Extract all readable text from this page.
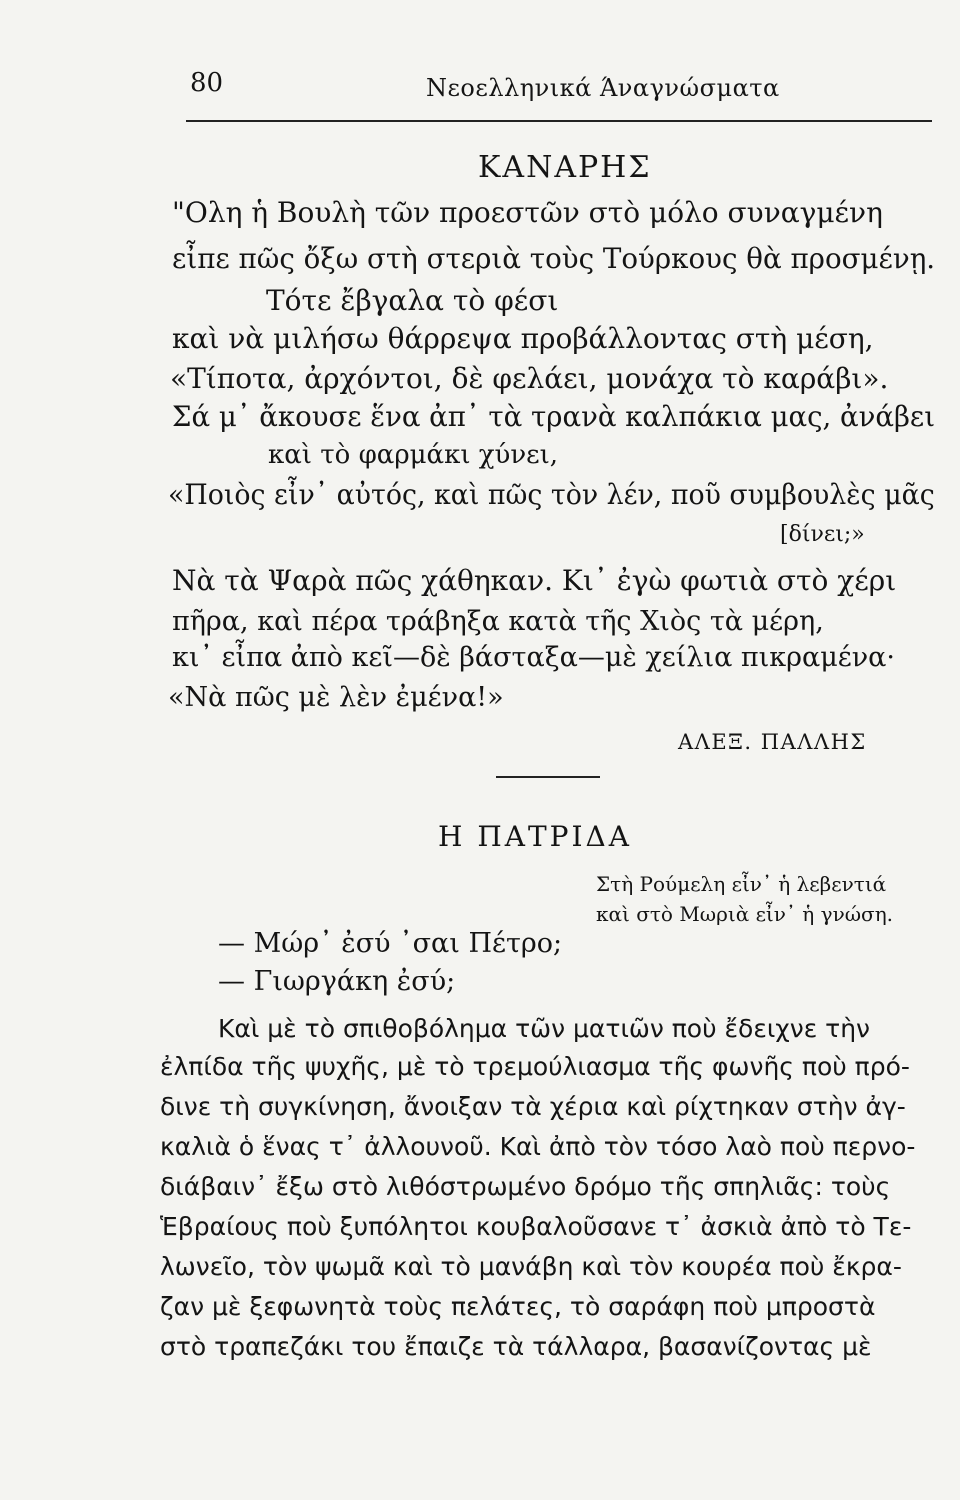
80	Νεοελληνικά Άναγνώσματα
ΚΑΝΑΡΗΣ
"Ολη ἡ Βουλὴ τῶν προεστῶν στὸ μόλο συναγμένη
εἶπε πῶς ὄξω στὴ στεριὰ τοὺς Τούρκους θὰ προσμένῃ.
Τότε ἔβγαλα τὸ φέσι
καὶ νὰ μιλήσω θάρρεψα προβάλλοντας στὴ μέση,
«Τίποτα, ἀρχόντοι, δὲ φελάει, μονάχα τὸ καράβι».
Σά μ᾽ ἄκουσε ἕνα ἀπ᾽ τὰ τρανὰ καλπάκια μας, ἀνάβει
καὶ τὸ φαρμάκι χύνει,
«Ποιὸς εἶν᾽ αὐτός, καὶ πῶς τὸν λέν, ποῦ συμβουλὲς μᾶς
[δίνει;»
Νὰ τὰ Ψαρὰ πῶς χάθηκαν. Κι᾽ ἐγὼ φωτιὰ στὸ χέρι
πῆρα, καὶ πέρα τράβηξα κατὰ τῆς Χιὸς τὰ μέρη,
κι᾽ εἶπα ἀπὸ κεῖ—δὲ βάσταξα—μὲ χείλια πικραμένα·
«Νὰ πῶς μὲ λὲν ἐμένα!»
ΑΛΕΞ. ΠΑΛΛΗΣ
Η ΠΑΤΡΙΔΑ
Στὴ Ρούμελη εἶν᾽ ἡ λεβεντιά
καὶ στὸ Μωριὰ εἶν᾽ ἡ γνώση.
— Μώρ᾽ ἐσύ ᾽σαι Πέτρο;
— Γιωργάκη ἐσύ;
Καὶ μὲ τὸ σπιθοβόλημα τῶν ματιῶν ποὺ ἔδειχνε τὴν
ἐλπίδα τῆς ψυχῆς, μὲ τὸ τρεμούλιασμα τῆς φωνῆς ποὺ πρό-
δινε τὴ συγκίνηση, ἄνοιξαν τὰ χέρια καὶ ρίχτηκαν στὴν ἀγ-
καλιὰ ὁ ἕνας τ᾽ ἀλλουνοῦ. Καὶ ἀπὸ τὸν τόσο λαὸ ποὺ περνο-
διάβαιν᾽ ἔξω στὸ λιθόστρωμένο δρόμο τῆς σπηλιᾶς: τοὺς
Ἑβραίους ποὺ ξυπόλητοι κουβαλοῦσανε τ᾽ ἀσκιὰ ἀπὸ τὸ Τε-
λωνεῖο, τὸν ψωμᾶ καὶ τὸ μανάβη καὶ τὸν κουρέα ποὺ ἔκρα-
ζαν μὲ ξεφωνητὰ τοὺς πελάτες, τὸ σαράφη ποὺ μπροστὰ
στὸ τραπεζάκι του ἔπαιζε τὰ τάλλαρα, βασανίζοντας μὲ
